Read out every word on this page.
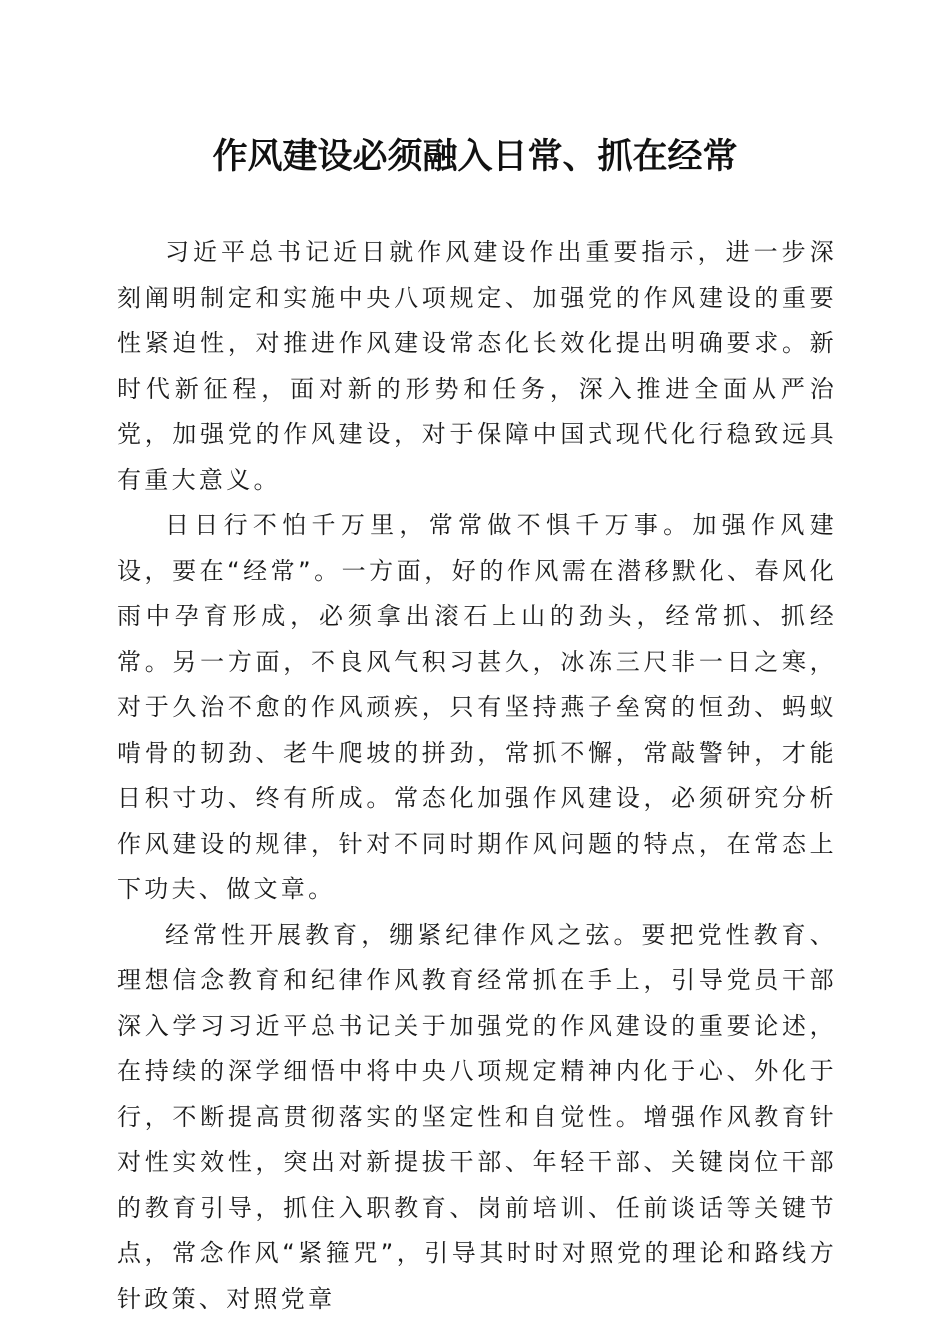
作风建设必须融入日常、抓在经常

习近平总书记近日就作风建设作出重要指示，进一步深刻阐明制定和实施中央八项规定、加强党的作风建设的重要性紧迫性，对推进作风建设常态化长效化提出明确要求。新时代新征程，面对新的形势和任务，深入推进全面从严治党，加强党的作风建设，对于保障中国式现代化行稳致远具有重大意义。

日日行不怕千万里，常常做不惧千万事。加强作风建设，要在“经常”。一方面，好的作风需在潜移默化、春风化雨中孕育形成，必须拿出滚石上山的劲头，经常抓、抓经常。另一方面，不良风气积习甚久，冰冻三尺非一日之寒，对于久治不愈的作风顽疾，只有坚持燕子垒窝的恒劲、蚂蚁啃骨的韧劲、老牛爬坡的拼劲，常抓不懈，常敲警钟，才能日积寸功、终有所成。常态化加强作风建设，必须研究分析作风建设的规律，针对不同时期作风问题的特点，在常态上下功夫、做文章。

经常性开展教育，绷紧纪律作风之弦。要把党性教育、理想信念教育和纪律作风教育经常抓在手上，引导党员干部深入学习习近平总书记关于加强党的作风建设的重要论述，在持续的深学细悟中将中央八项规定精神内化于心、外化于行，不断提高贯彻落实的坚定性和自觉性。增强作风教育针对性实效性，突出对新提拔干部、年轻干部、关键岗位干部的教育引导，抓住入职教育、岗前培训、任前谈话等关键节点，常念作风“紧箍咒”，引导其时时对照党的理论和路线方针政策、对照党章
